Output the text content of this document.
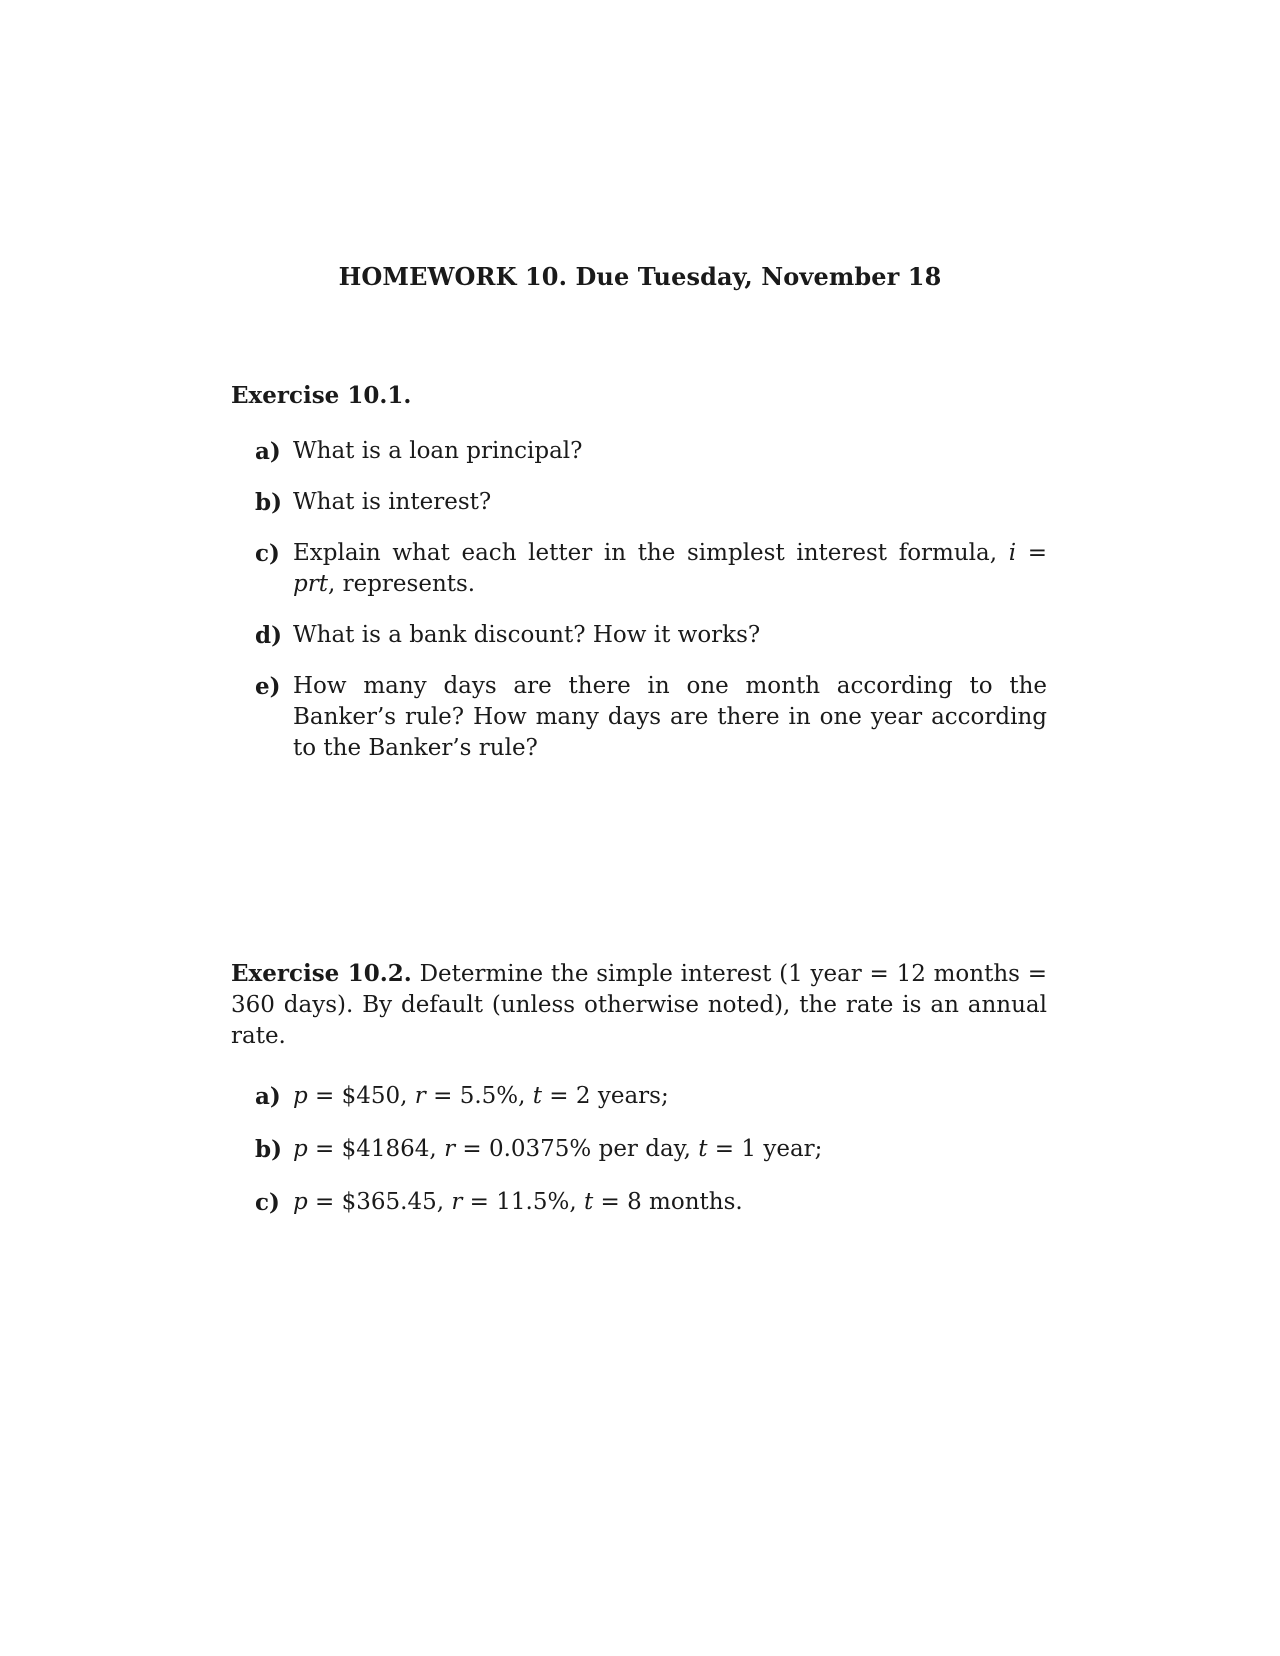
HOMEWORK 10. Due Tuesday, November 18
Exercise 10.1.
a) What is a loan principal?
b) What is interest?
c) Explain what each letter in the simplest interest formula, i = prt, represents.
d) What is a bank discount? How it works?
e) How many days are there in one month according to the Banker’s rule? How many days are there in one year according to the Banker’s rule?
Exercise 10.2. Determine the simple interest (1 year = 12 months = 360 days). By default (unless otherwise noted), the rate is an annual rate.
a) p = $450, r = 5.5%, t = 2 years;
b) p = $41864, r = 0.0375% per day, t = 1 year;
c) p = $365.45, r = 11.5%, t = 8 months.
